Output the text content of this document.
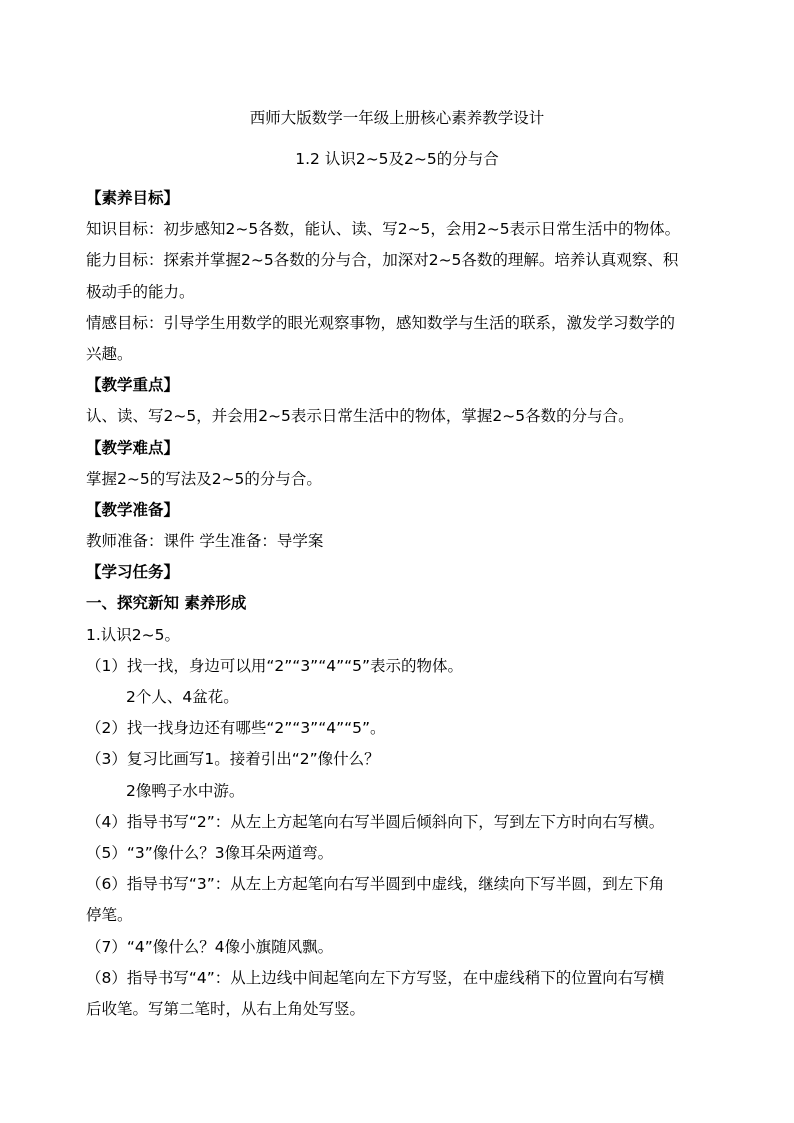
西师大版数学一年级上册核心素养教学设计
1.2 认识2~5及2~5的分与合
【素养目标】
知识目标：初步感知2~5各数，能认、读、写2~5，会用2~5表示日常生活中的物体。
能力目标：探索并掌握2~5各数的分与合，加深对2~5各数的理解。培养认真观察、积
极动手的能力。
情感目标：引导学生用数学的眼光观察事物，感知数学与生活的联系，激发学习数学的
兴趣。
【教学重点】
认、读、写2~5，并会用2~5表示日常生活中的物体，掌握2~5各数的分与合。
【教学难点】
掌握2~5的写法及2~5的分与合。
【教学准备】
教师准备：课件 学生准备：导学案
【学习任务】
一、探究新知 素养形成
1.认识2~5。
（1）找一找，身边可以用“2”“3”“4”“5”表示的物体。
2个人、4盆花。
（2）找一找身边还有哪些“2”“3”“4”“5”。
（3）复习比画写1。接着引出“2”像什么？
2像鸭子水中游。
（4）指导书写“2”：从左上方起笔向右写半圆后倾斜向下，写到左下方时向右写横。
（5）“3”像什么？3像耳朵两道弯。
（6）指导书写“3”：从左上方起笔向右写半圆到中虚线，继续向下写半圆，到左下角
停笔。
（7）“4”像什么？4像小旗随风飘。
（8）指导书写“4”：从上边线中间起笔向左下方写竖，在中虚线稍下的位置向右写横
后收笔。写第二笔时，从右上角处写竖。
